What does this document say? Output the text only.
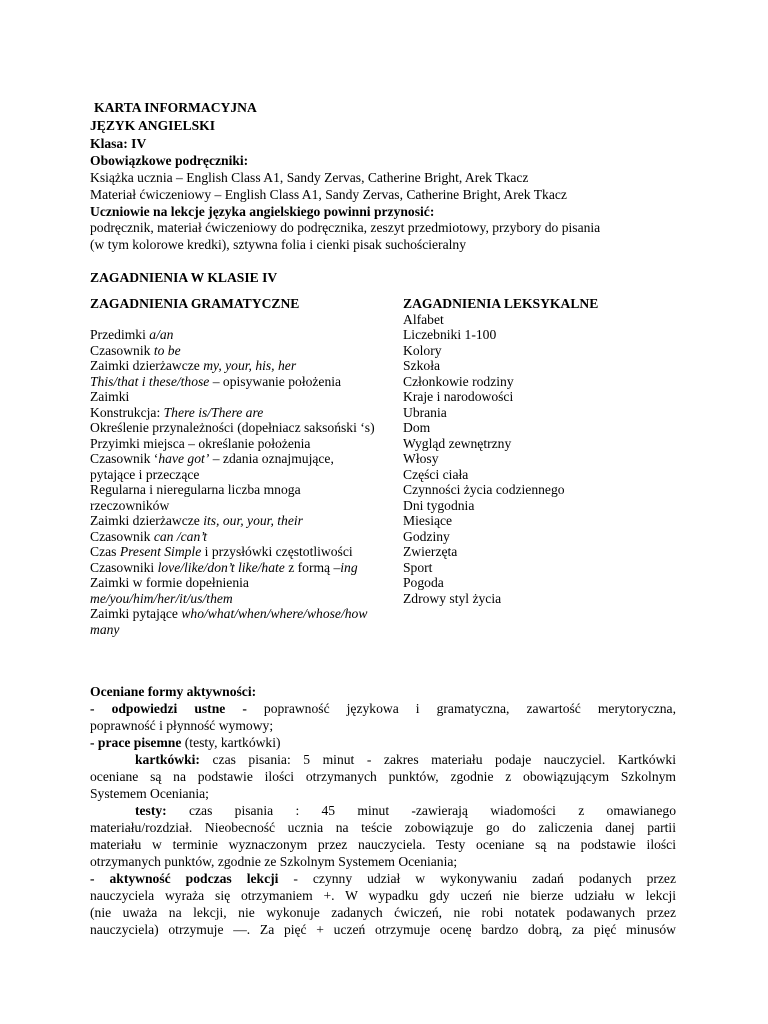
KARTA INFORMACYJNA
JĘZYK ANGIELSKI
Klasa: IV
Obowiązkowe podręczniki:
Książka ucznia – English Class A1, Sandy Zervas, Catherine Bright, Arek Tkacz
Materiał ćwiczeniowy – English Class A1, Sandy Zervas, Catherine Bright, Arek Tkacz
Uczniowie na lekcje języka angielskiego powinni przynosić:
podręcznik, materiał ćwiczeniowy do podręcznika, zeszyt przedmiotowy, przybory do pisania
(w tym kolorowe kredki), sztywna folia i cienki pisak suchościeralny
ZAGADNIENIA W KLASIE IV
ZAGADNIENIA GRAMATYCZNE	ZAGADNIENIA LEKSYKALNE
Przedimki a/an
Czasownik to be
Zaimki dzierżawcze my, your, his, her
This/that i these/those – opisywanie położenia
Zaimki
Konstrukcja: There is/There are
Określenie przynależności (dopełniacz saksoński ‘s)
Przyimki miejsca – określanie położenia
Czasownik ‘have got’ – zdania oznajmujące,
pytające i przeczące
Regularna i nieregularna liczba mnoga
rzeczowników
Zaimki dzierżawcze its, our, your, their
Czasownik can /can’t
Czas Present Simple i przysłówki częstotliwości
Czasowniki love/like/don’t like/hate z formą –ing
Zaimki w formie dopełnienia
me/you/him/her/it/us/them
Zaimki pytające who/what/when/where/whose/how
many
Alfabet
Liczebniki 1-100
Kolory
Szkoła
Członkowie rodziny
Kraje i narodowości
Ubrania
Dom
Wygląd zewnętrzny
Włosy
Części ciała
Czynności życia codziennego
Dni tygodnia
Miesiące
Godziny
Zwierzęta
Sport
Pogoda
Zdrowy styl życia
Oceniane formy aktywności:
- odpowiedzi ustne - poprawność językowa i gramatyczna, zawartość merytoryczna,
poprawność i płynność wymowy;
- prace pisemne (testy, kartkówki)
kartkówki: czas pisania: 5 minut - zakres materiału podaje nauczyciel. Kartkówki
oceniane są na podstawie ilości otrzymanych punktów, zgodnie z obowiązującym Szkolnym
Systemem Oceniania;
testy: czas pisania : 45 minut -zawierają wiadomości z omawianego
materiału/rozdział. Nieobecność ucznia na teście zobowiązuje go do zaliczenia danej partii
materiału w terminie wyznaczonym przez nauczyciela. Testy oceniane są na podstawie ilości
otrzymanych punktów, zgodnie ze Szkolnym Systemem Oceniania;
- aktywność podczas lekcji - czynny udział w wykonywaniu zadań podanych przez
nauczyciela wyraża się otrzymaniem +. W wypadku gdy uczeń nie bierze udziału w lekcji
(nie uważa na lekcji, nie wykonuje zadanych ćwiczeń, nie robi notatek podawanych przez
nauczyciela) otrzymuje —. Za pięć + uczeń otrzymuje ocenę bardzo dobrą, za pięć minusów
